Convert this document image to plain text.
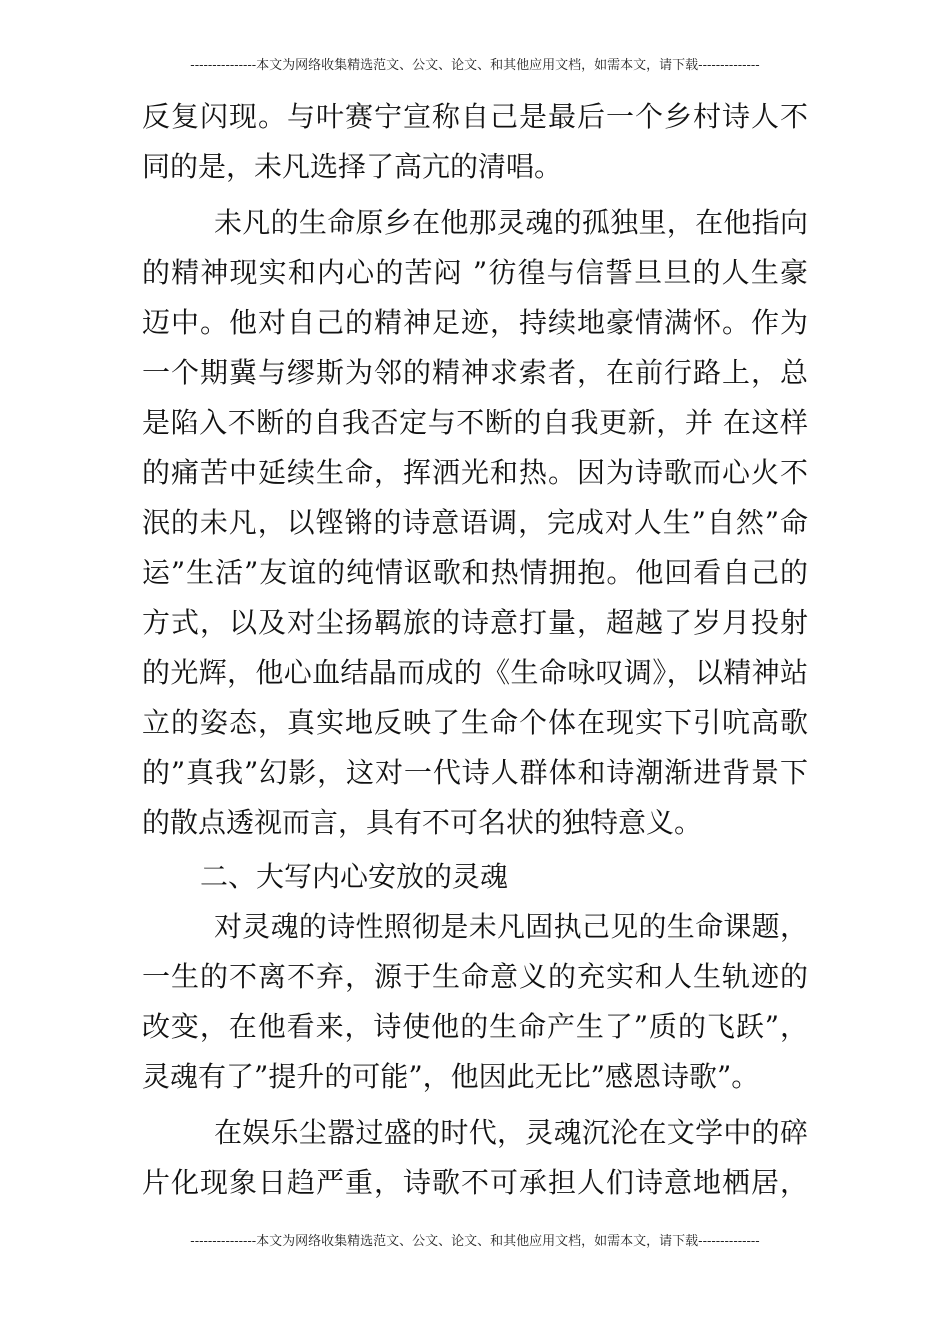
---------------本文为网络收集精选范文、公文、论文、和其他应用文档，如需本文，请下载--------------
反复闪现。与叶赛宁宣称自己是最后一个乡村诗人不
同的是，未凡选择了高亢的清唱。
未凡的生命原乡在他那灵魂的孤独里，在他指向
的精神现实和内心的苦闷 ”彷徨与信誓旦旦的人生豪
迈中。他对自己的精神足迹，持续地豪情满怀。作为
一个期冀与缪斯为邻的精神求索者，在前行路上，总
是陷入不断的自我否定与不断的自我更新，并 在这样
的痛苦中延续生命，挥洒光和热。因为诗歌而心火不
泯的未凡，以铿锵的诗意语调，完成对人生”自然”命
运”生活”友谊的纯情讴歌和热情拥抱。他回看自己的
方式，以及对尘扬羁旅的诗意打量，超越了岁月投射
的光辉，他心血结晶而成的《生命咏叹调》，以精神站
立的姿态，真实地反映了生命个体在现实下引吭高歌
的”真我”幻影，这对一代诗人群体和诗潮渐进背景下
的散点透视而言，具有不可名状的独特意义。
二、大写内心安放的灵魂
对灵魂的诗性照彻是未凡固执己见的生命课题，
一生的不离不弃，源于生命意义的充实和人生轨迹的
改变，在他看来，诗使他的生命产生了”质的飞跃”，
灵魂有了”提升的可能”，他因此无比”感恩诗歌”。
在娱乐尘嚣过盛的时代，灵魂沉沦在文学中的碎
片化现象日趋严重，诗歌不可承担人们诗意地栖居，
---------------本文为网络收集精选范文、公文、论文、和其他应用文档，如需本文，请下载--------------
